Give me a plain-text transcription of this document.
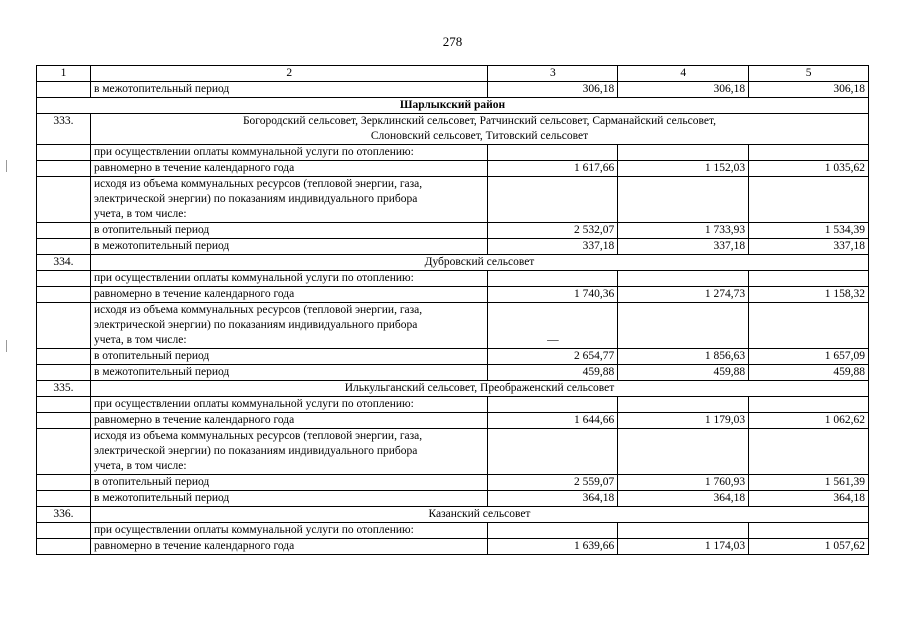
278
1	2	3	4	5
	в межотопительный период	306,18	306,18	306,18
Шарлыкский район				
333.	Богородский сельсовет, Зерклинский сельсовет, Ратчинский сельсовет, Сарманайский сельсовет,
Слоновский сельсовет, Титовский сельсовет			

	при осуществлении оплаты коммунальной услуги по отоплению:			
	равномерно в течение календарного года	1 617,66	1 152,03	1 035,62

	исходя из объема коммунальных ресурсов (тепловой энергии, газа,
электрической энергии) по показаниям индивидуального прибора
учета, в том числе:			

	в отопительный период	2 532,07	1 733,93	1 534,39
	в межотопительный период	337,18	337,18	337,18
334.	Дубровский сельсовет			
	при осуществлении оплаты коммунальной услуги по отоплению:			
	равномерно в течение календарного года	1 740,36	1 274,73	1 158,32

	исходя из объема коммунальных ресурсов (тепловой энергии, газа,
электрической энергии) по показаниям индивидуального прибора
учета, в том числе:	—		
	в отопительный период	2 654,77	1 856,63	1 657,09
	в межотопительный период	459,88	459,88	459,88
335.	Илькульганский сельсовет, Преображенский сельсовет			
	при осуществлении оплаты коммунальной услуги по отоплению:			
	равномерно в течение календарного года	1 644,66	1 179,03	1 062,62

	исходя из объема коммунальных ресурсов (тепловой энергии, газа,
электрической энергии) по показаниям индивидуального прибора
учета, в том числе:			

	в отопительный период	2 559,07	1 760,93	1 561,39
	в межотопительный период	364,18	364,18	364,18
336.	Казанский сельсовет			
	при осуществлении оплаты коммунальной услуги по отоплению:			
	равномерно в течение календарного года	1 639,66	1 174,03	1 057,62
